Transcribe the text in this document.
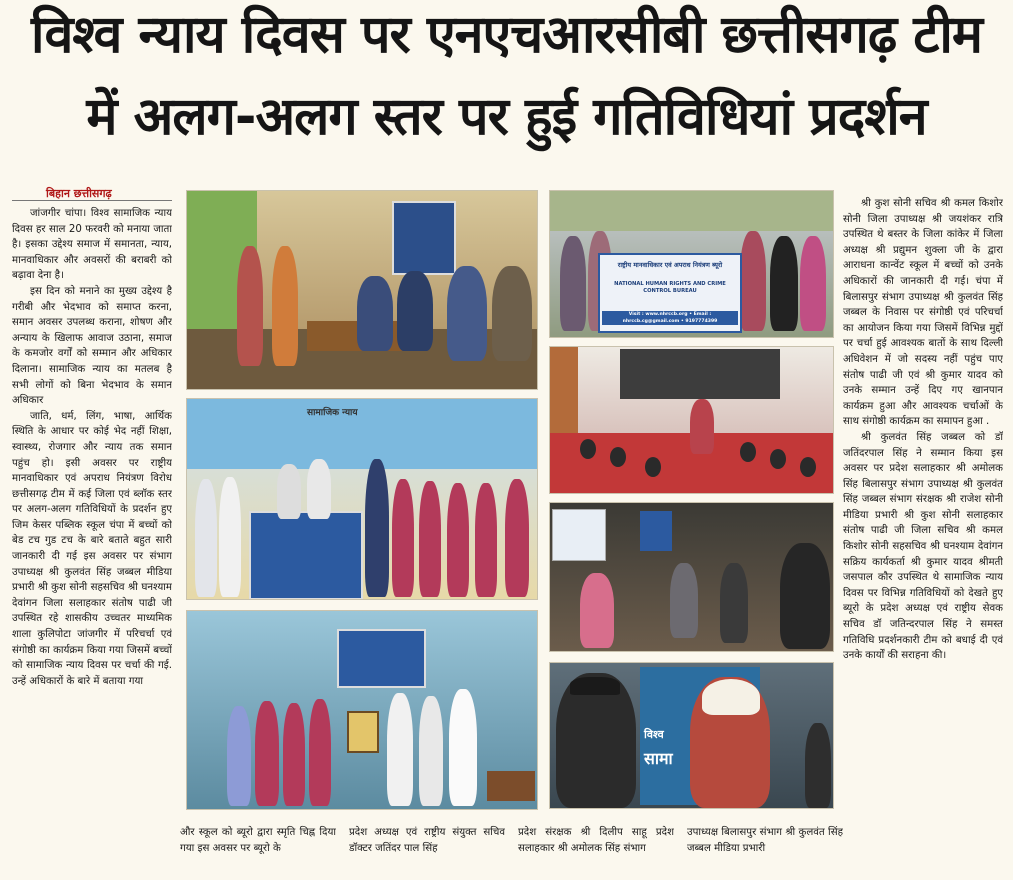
विश्व न्याय दिवस पर एनएचआरसीबी छत्तीसगढ़ टीम
में अलग-अलग स्तर पर हुई गतिविधियां प्रदर्शन
बिहान छत्तीसगढ़

जांजगीर चांपा। विश्व सामाजिक न्याय दिवस हर साल 20 फरवरी को मनाया जाता है। इसका उद्देश्य समाज में समानता, न्याय, मानवाधिकार और अवसरों की बराबरी को बढ़ावा देना है।

इस दिन को मनाने का मुख्य उद्देश्य है गरीबी और भेदभाव को समाप्त करना, समान अवसर उपलब्ध कराना, शोषण और अन्याय के खिलाफ आवाज उठाना, समाज के कमजोर वर्गों को सम्मान और अधिकार दिलाना। सामाजिक न्याय का मतलब है सभी लोगों को बिना भेदभाव के समान अधिकार

जाति, धर्म, लिंग, भाषा, आर्थिक स्थिति के आधार पर कोई भेद नहीं शिक्षा, स्वास्थ्य, रोजगार और न्याय तक समान पहुंच हो। इसी अवसर पर राष्ट्रीय मानवाधिकार एवं अपराध नियंत्रण विरोध छत्तीसगढ़ टीम में कई जिला एवं ब्लॉक स्तर पर अलग-अलग गतिविधियों के प्रदर्शन हुए जिम केसर पब्लिक स्कूल चंपा में बच्चों को बेड टच गुड टच के बारे बताते बहुत सारी जानकारी दी गई इस अवसर पर संभाग उपाध्यक्ष श्री कुलवंत सिंह जब्बल मीडिया प्रभारी श्री कुश सोनी सहसचिव श्री घनश्याम देवांगन जिला सलाहकार संतोष पाढी जी उपस्थित रहे शासकीय उच्चतर माध्यमिक शाला कुलिपोटा जांजगीर में परिचर्चा एवं संगोष्ठी का कार्यक्रम किया गया जिसमें बच्चों को सामाजिक न्याय दिवस पर चर्चा की गई. उन्हें अधिकारों के बारे में बताया गया

श्री कुश सोनी सचिव श्री कमल किशोर सोनी जिला उपाध्यक्ष श्री जयशंकर रात्रि उपस्थित थे बस्तर के जिला कांकेर में जिला अध्यक्ष श्री प्रद्युमन शुक्ला जी के द्वारा आराधना कान्वेंट स्कूल में बच्चों को उनके अधिकारों की जानकारी दी गई। चंपा में बिलासपुर संभाग उपाध्यक्ष श्री कुलवंत सिंह जब्बल के निवास पर संगोष्ठी एवं परिचर्चा का आयोजन किया गया जिसमें विभिन्न मुद्दों पर चर्चा हुई आवश्यक बातों के साथ दिल्ली अधिवेशन में जो सदस्य नहीं पहुंच पाए संतोष पाढी जी एवं श्री कुमार यादव को उनके सम्मान उन्हें दिए गए खानपान कार्यक्रम हुआ और आवश्यक चर्चाओं के साथ संगोष्ठी कार्यक्रम का समापन हुआ .

श्री कुलवंत सिंह जब्बल को डॉ जतिंदरपाल सिंह ने सम्मान किया इस अवसर पर प्रदेश सलाहकार श्री अमोलक सिंह बिलासपुर संभाग उपाध्यक्ष श्री कुलवंत सिंह जब्बल संभाग संरक्षक श्री राजेश सोनी मीडिया प्रभारी श्री कुश सोनी सलाहकार संतोष पाढी जी जिला सचिव श्री कमल किशोर सोनी सहसचिव श्री घनश्याम देवांगन सक्रिय कार्यकर्ता श्री कुमार यादव श्रीमती जसपाल कौर उपस्थित थे सामाजिक न्याय दिवस पर विभिन्न गतिविधियों को देखते हुए ब्यूरो के प्रदेश अध्यक्ष एवं राष्ट्रीय सेवक सचिव डॉ जतिन्दरपाल सिंह ने समस्त गतिविधि प्रदर्शनकारी टीम को बधाई दी एवं उनके कार्यों की सराहना की।

और स्कूल को ब्यूरो द्वारा स्मृति चिह्न दिया गया इस अवसर पर ब्यूरो के
प्रदेश अध्यक्ष एवं राष्ट्रीय संयुक्त सचिव डॉक्टर जतिंदर पाल सिंह
प्रदेश संरक्षक श्री दिलीप साहू प्रदेश सलाहकार श्री अमोलक सिंह संभाग
उपाध्यक्ष बिलासपुर संभाग श्री कुलवंत सिंह जब्बल मीडिया प्रभारी
राष्ट्रीय मानवाधिकार एवं अपराध नियंत्रण ब्यूरो
NATIONAL HUMAN RIGHTS AND CRIME CONTROL BUREAU
Visit : www.nhrccb.org • Email : nhrccb.cg@gmail.com • 9197774399
सामाजिक न्याय
विश्व
सामा
